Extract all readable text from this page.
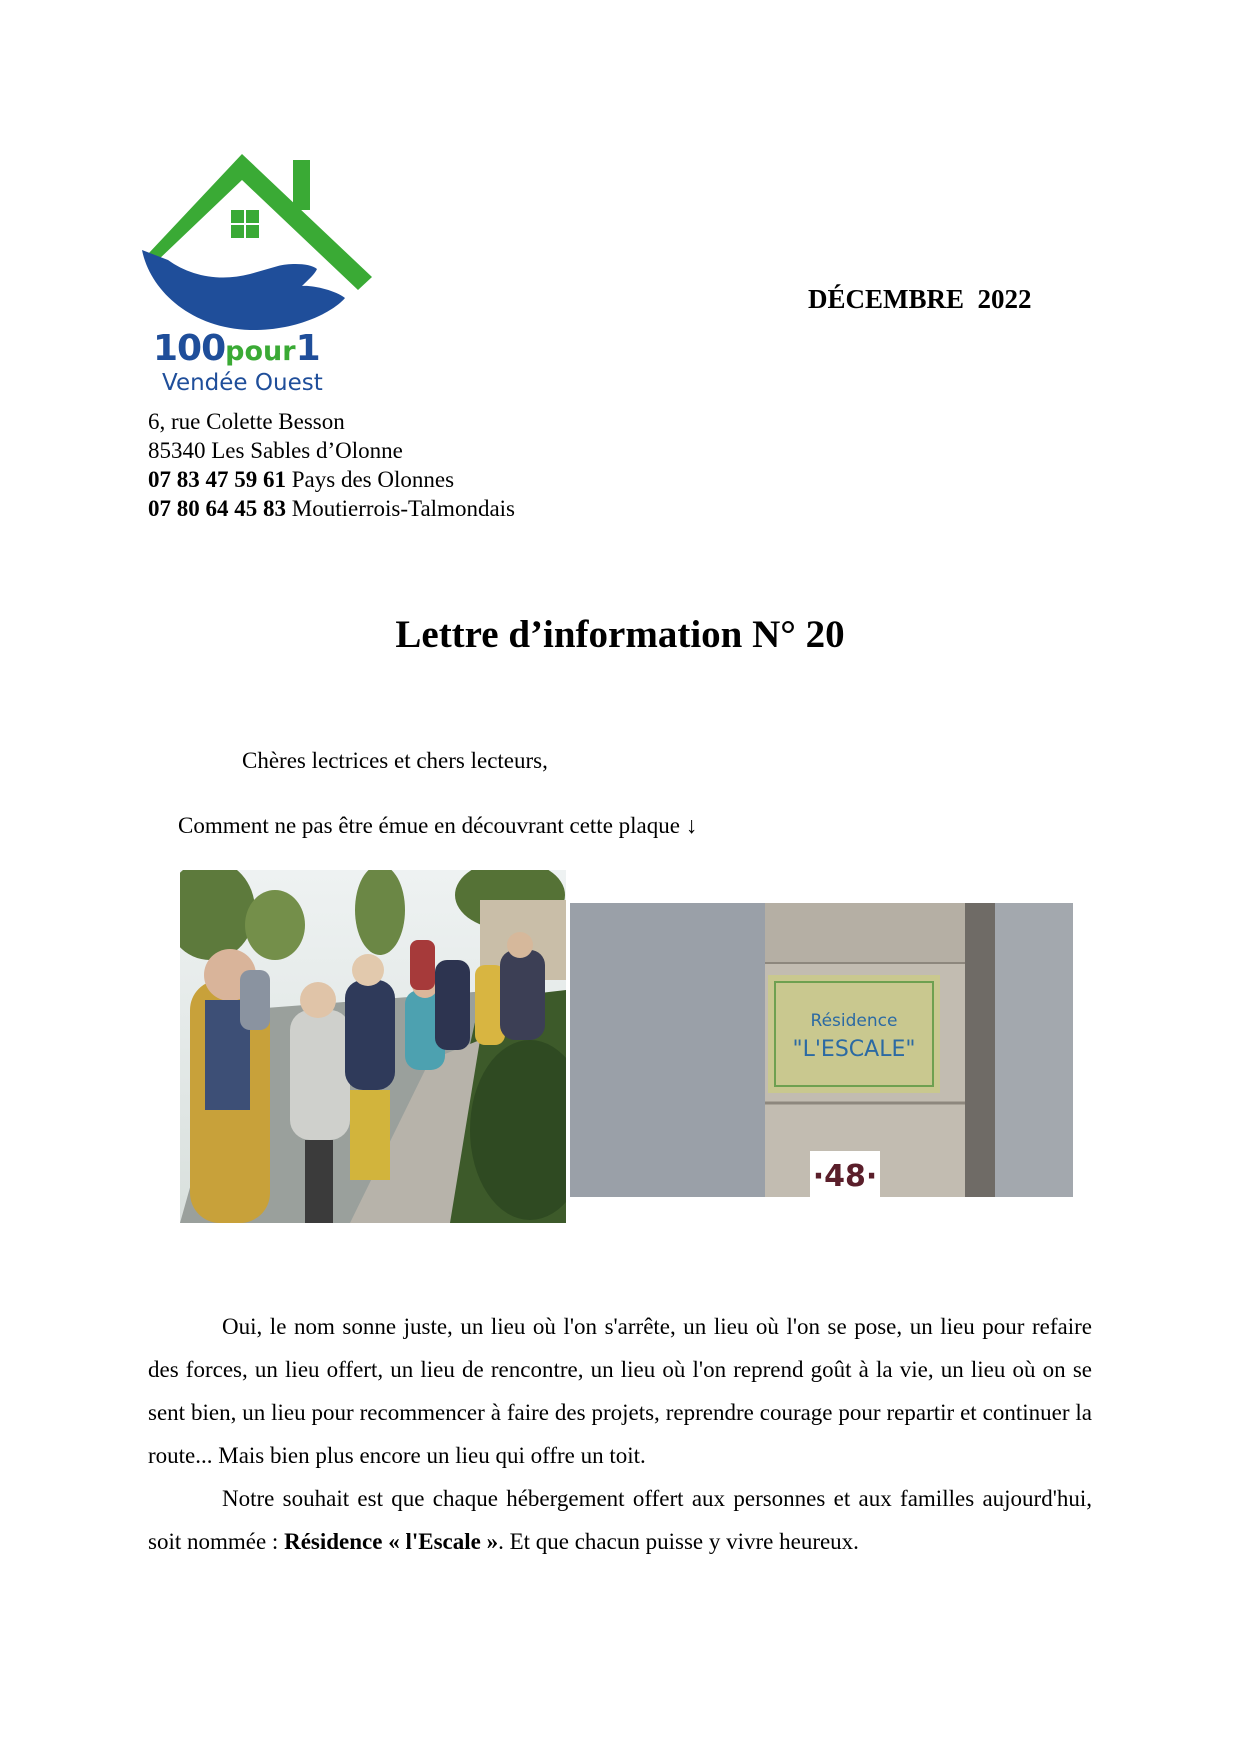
100pour1
Vendée Ouest
DÉCEMBRE  2022
6, rue Colette Besson
85340 Les Sables d’Olonne
07 83 47 59 61 Pays des Olonnes
07 80 64 45 83 Moutierrois-Talmondais
Lettre d’information N° 20
Chères lectrices et chers lecteurs,
Comment ne pas être émue en découvrant cette plaque ↓
Résidence
"L'ESCALE"
·48·

Oui, le nom sonne juste, un lieu où l'on s'arrête, un lieu où l'on se pose, un lieu pour refaire des forces, un lieu offert, un lieu de rencontre, un lieu où l'on reprend goût à la vie, un lieu où on se sent bien, un lieu pour recommencer à faire des projets, reprendre courage pour repartir et continuer la route... Mais bien plus encore un lieu qui offre un toit.

Notre souhait est que chaque hébergement offert aux personnes et aux familles aujourd'hui, soit nommée : Résidence « l'Escale ». Et que chacun puisse y vivre heureux.
